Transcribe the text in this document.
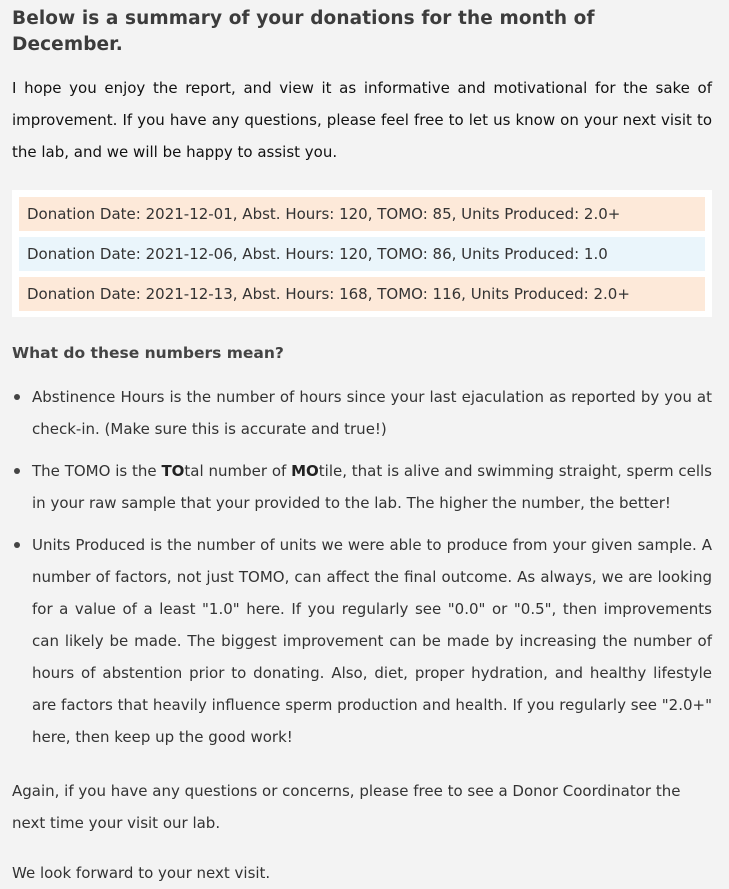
Below is a summary of your donations for the month of December.

I hope you enjoy the report, and view it as informative and motivational for the sake of improvement. If you have any questions, please feel free to let us know on your next visit to the lab, and we will be happy to assist you.

Donation Date: 2021-12-01, Abst. Hours: 120, TOMO: 85, Units Produced: 2.0+
Donation Date: 2021-12-06, Abst. Hours: 120, TOMO: 86, Units Produced: 1.0
Donation Date: 2021-12-13, Abst. Hours: 168, TOMO: 116, Units Produced: 2.0+
What do these numbers mean?
Abstinence Hours is the number of hours since your last ejaculation as reported by you at check-in. (Make sure this is accurate and true!)
The TOMO is the TOtal number of MOtile, that is alive and swimming straight, sperm cells in your raw sample that your provided to the lab. The higher the number, the better!
Units Produced is the number of units we were able to produce from your given sample. A number of factors, not just TOMO, can affect the final outcome. As always, we are looking for a value of a least "1.0" here. If you regularly see "0.0" or "0.5", then improvements can likely be made. The biggest improvement can be made by increasing the number of hours of abstention prior to donating. Also, diet, proper hydration, and healthy lifestyle are factors that heavily influence sperm production and health. If you regularly see "2.0+" here, then keep up the good work!

Again, if you have any questions or concerns, please free to see a Donor Coordinator the next time your visit our lab.

We look forward to your next visit.
